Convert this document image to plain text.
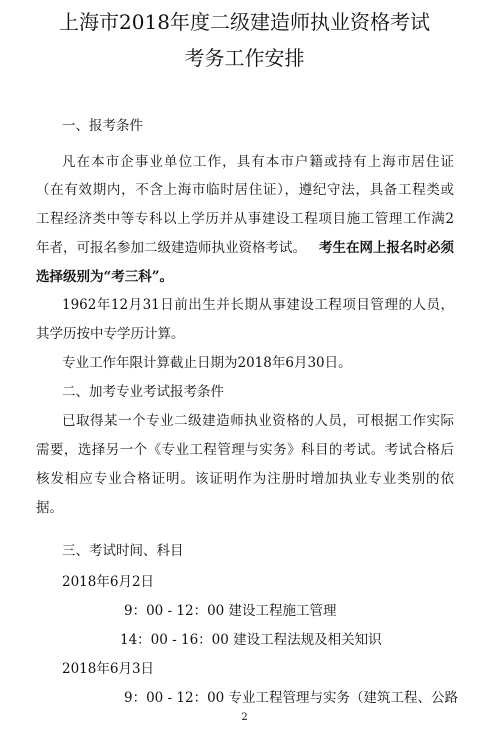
上海市2018年度二级建造师执业资格考试
考务工作安排
一、报考条件
凡在本市企事业单位工作，具有本市户籍或持有上海市居住证
（在有效期内，不含上海市临时居住证），遵纪守法，具备工程类或
工程经济类中等专科以上学历并从事建设工程项目施工管理工作满2
年者，可报名参加二级建造师执业资格考试。 考生在网上报名时必须
选择级别为“考三科”。
1962年12月31日前出生并长期从事建设工程项目管理的人员，
其学历按中专学历计算。
专业工作年限计算截止日期为2018年6月30日。
二、加考专业考试报考条件
已取得某一个专业二级建造师执业资格的人员，可根据工作实际
需要，选择另一个《专业工程管理与实务》科目的考试。考试合格后
核发相应专业合格证明。该证明作为注册时增加执业专业类别的依
据。
三、考试时间、科目
2018年6月2日
9：00 - 12：00 建设工程施工管理
14：00 - 16：00 建设工程法规及相关知识
2018年6月3日
9：00 - 12：00 专业工程管理与实务（建筑工程、公路
2
